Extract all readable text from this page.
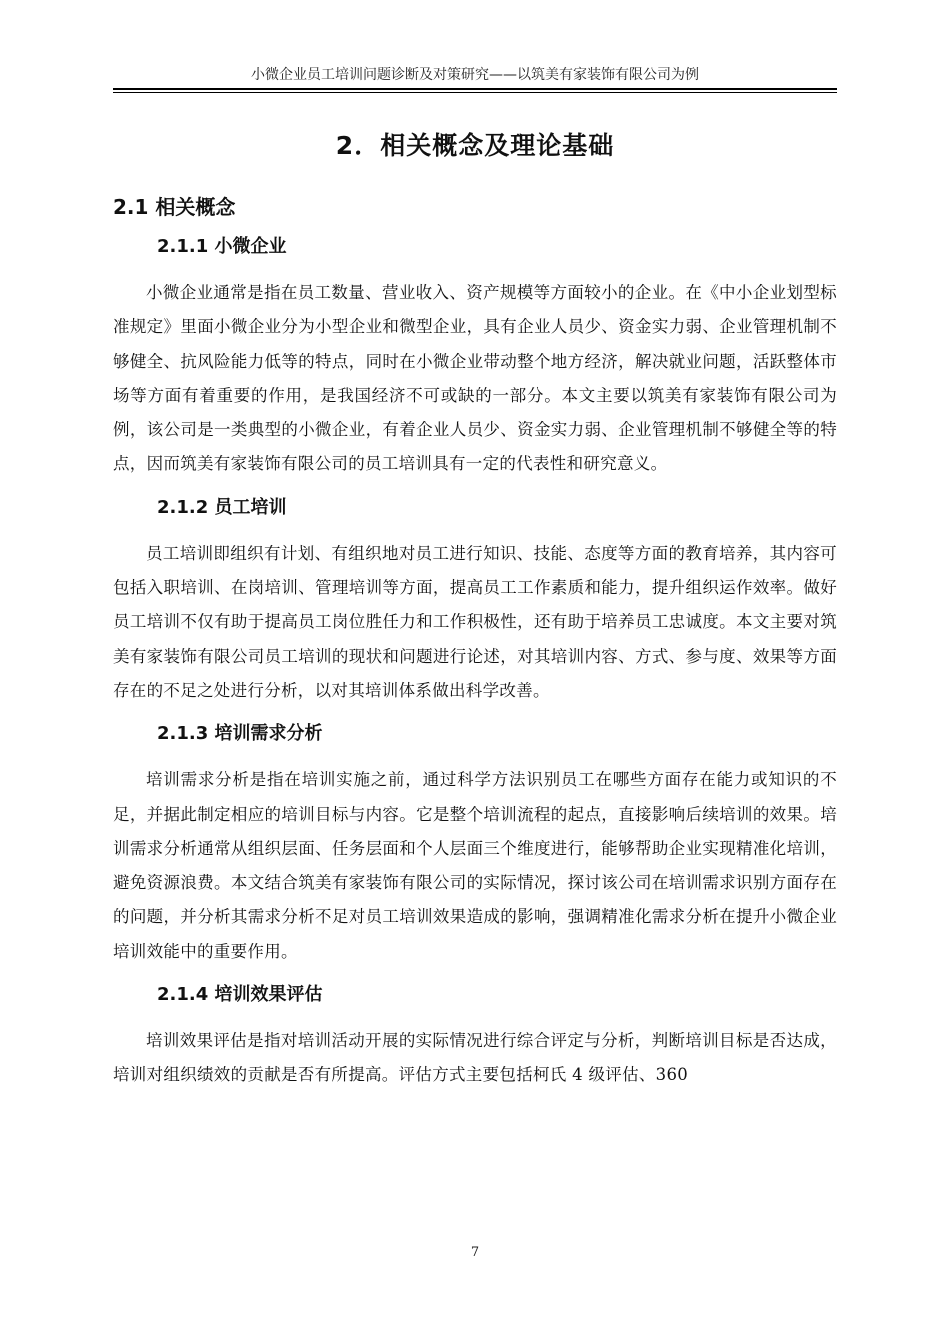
小微企业员工培训问题诊断及对策研究——以筑美有家装饰有限公司为例
2．相关概念及理论基础
2.1 相关概念
2.1.1 小微企业

小微企业通常是指在员工数量、营业收入、资产规模等方面较小的企业。在《中小企业划型标准规定》里面小微企业分为小型企业和微型企业，具有企业人员少、资金实力弱、企业管理机制不够健全、抗风险能力低等的特点，同时在小微企业带动整个地方经济，解决就业问题，活跃整体市场等方面有着重要的作用，是我国经济不可或缺的一部分。本文主要以筑美有家装饰有限公司为例，该公司是一类典型的小微企业，有着企业人员少、资金实力弱、企业管理机制不够健全等的特点，因而筑美有家装饰有限公司的员工培训具有一定的代表性和研究意义。

2.1.2 员工培训

员工培训即组织有计划、有组织地对员工进行知识、技能、态度等方面的教育培养，其内容可包括入职培训、在岗培训、管理培训等方面，提高员工工作素质和能力，提升组织运作效率。做好员工培训不仅有助于提高员工岗位胜任力和工作积极性，还有助于培养员工忠诚度。本文主要对筑美有家装饰有限公司员工培训的现状和问题进行论述，对其培训内容、方式、参与度、效果等方面存在的不足之处进行分析，以对其培训体系做出科学改善。

2.1.3 培训需求分析

培训需求分析是指在培训实施之前，通过科学方法识别员工在哪些方面存在能力或知识的不足，并据此制定相应的培训目标与内容。它是整个培训流程的起点，直接影响后续培训的效果。培训需求分析通常从组织层面、任务层面和个人层面三个维度进行，能够帮助企业实现精准化培训，避免资源浪费。本文结合筑美有家装饰有限公司的实际情况，探讨该公司在培训需求识别方面存在的问题，并分析其需求分析不足对员工培训效果造成的影响，强调精准化需求分析在提升小微企业培训效能中的重要作用。

2.1.4 培训效果评估

培训效果评估是指对培训活动开展的实际情况进行综合评定与分析，判断培训目标是否达成，培训对组织绩效的贡献是否有所提高。评估方式主要包括柯氏 4 级评估、360

7
